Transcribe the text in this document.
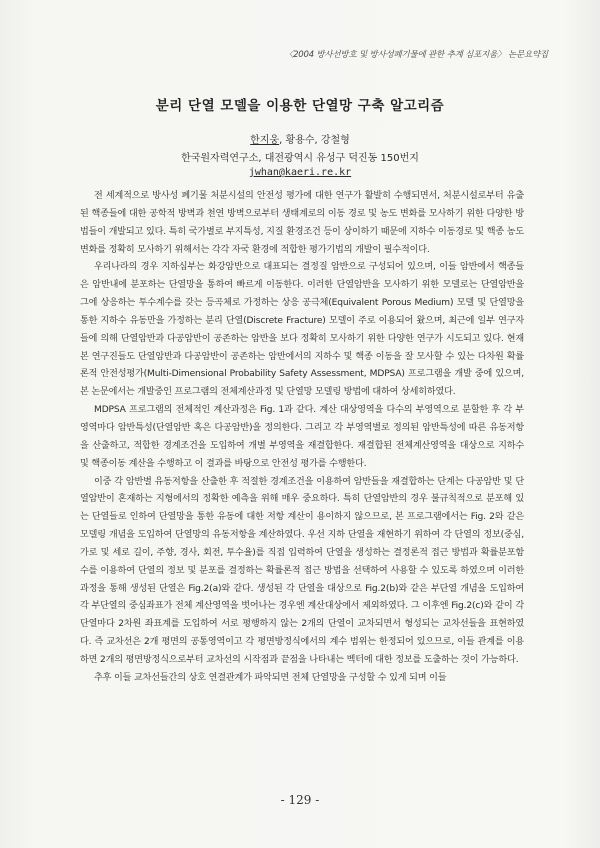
〈2004 방사선방호 및 방사성폐기물에 관한 추계 심포지움〉 논문요약집
분리 단열 모델을 이용한 단열망 구축 알고리즘
한지웅, 황용수, 강철형
한국원자력연구소, 대전광역시 유성구 덕진동 150번지
jwhan@kaeri.re.kr

전 세계적으로 방사성 폐기물 처분시설의 안전성 평가에 대한 연구가 활발히 수행되면서, 처분시설로부터 유출된 핵종들에 대한 공학적 방벽과 천연 방벽으로부터 생태계로의 이동 경로 및 농도 변화를 모사하기 위한 다양한 방법들이 개발되고 있다. 특히 국가별로 부지특성, 지질 환경조건 등이 상이하기 때문에 지하수 이동경로 및 핵종 농도변화를 정확히 모사하기 위해서는 각각 자국 환경에 적합한 평가기법의 개발이 필수적이다.

우리나라의 경우 지하심부는 화강암반으로 대표되는 결정질 암반으로 구성되어 있으며, 이들 암반에서 핵종들은 암반내에 분포하는 단열망을 통하여 빠르게 이동한다. 이러한 단열암반을 모사하기 위한 모델로는 단열암반을 그에 상응하는 투수계수를 갖는 등곡체로 가정하는 상응 공극체(Equivalent Porous Medium) 모델 및 단열망을 통한 지하수 유동만을 가정하는 분리 단열(Discrete Fracture) 모델이 주로 이용되어 왔으며, 최근에 일부 연구자들에 의해 단열암반과 다공암반이 공존하는 암반을 보다 정확히 모사하기 위한 다양한 연구가 시도되고 있다. 현재 본 연구진들도 단열암반과 다공암반이 공존하는 암반에서의 지하수 및 핵종 이동을 잘 모사할 수 있는 다차원 확률론적 안전성평가(Multi-Dimensional Probability Safety Assessment, MDPSA) 프로그램을 개발 중에 있으며, 본 논문에서는 개발중인 프로그램의 전체계산과정 및 단열망 모델링 방법에 대하여 상세히하였다.

MDPSA 프로그램의 전체적인 계산과정은 Fig. 1과 같다. 계산 대상영역을 다수의 부영역으로 분할한 후 각 부영역마다 암반특성(단열암반 혹은 다공암반)을 정의한다. 그리고 각 부영역별로 정의된 암반특성에 따른 유동저항을 산출하고, 적합한 경계조건을 도입하여 개별 부영역을 재결합한다. 재결합된 전체계산영역을 대상으로 지하수 및 핵종이동 계산을 수행하고 이 결과를 바탕으로 안전성 평가를 수행한다.

이중 각 암반별 유동저항을 산출한 후 적절한 경계조건을 이용하여 암반들을 재결합하는 단계는 다공암반 및 단열암반이 혼재하는 지형에서의 정확한 예측을 위해 매우 중요하다. 특히 단열암반의 경우 불규칙적으로 분포해 있는 단열들로 인하여 단열망을 통한 유동에 대한 저항 계산이 용이하지 않으므로, 본 프로그램에서는 Fig. 2와 같은 모델링 개념을 도입하여 단열망의 유동저항을 계산하였다. 우선 지하 단열을 재현하기 위하여 각 단열의 정보(중심, 가로 및 세로 길이, 주향, 경사, 회전, 투수율)를 직접 입력하여 단열을 생성하는 결정론적 접근 방법과 확률분포함수를 이용하여 단열의 정보 및 분포를 결정하는 확률론적 접근 방법을 선택하여 사용할 수 있도록 하였으며 이러한 과정을 통해 생성된 단열은 Fig.2(a)와 같다. 생성된 각 단열을 대상으로 Fig.2(b)와 같은 부단열 개념을 도입하여 각 부단열의 중심좌표가 전체 계산영역을 벗어나는 경우엔 계산대상에서 제외하였다. 그 이후엔 Fig.2(c)와 같이 각 단열마다 2차원 좌표계를 도입하여 서로 평행하지 않는 2개의 단열이 교차되면서 형성되는 교차선들을 표현하였다. 즉 교차선은 2개 평면의 공통영역이고 각 평면방정식에서의 계수 범위는 한정되어 있으므로, 이들 관계를 이용하면 2개의 평면방정식으로부터 교차선의 시작점과 끝점을 나타내는 벡터에 대한 정보를 도출하는 것이 가능하다.

추후 이들 교차선들간의 상호 연결관계가 파악되면 전체 단열망을 구성할 수 있게 되며 이들

- 129 -
